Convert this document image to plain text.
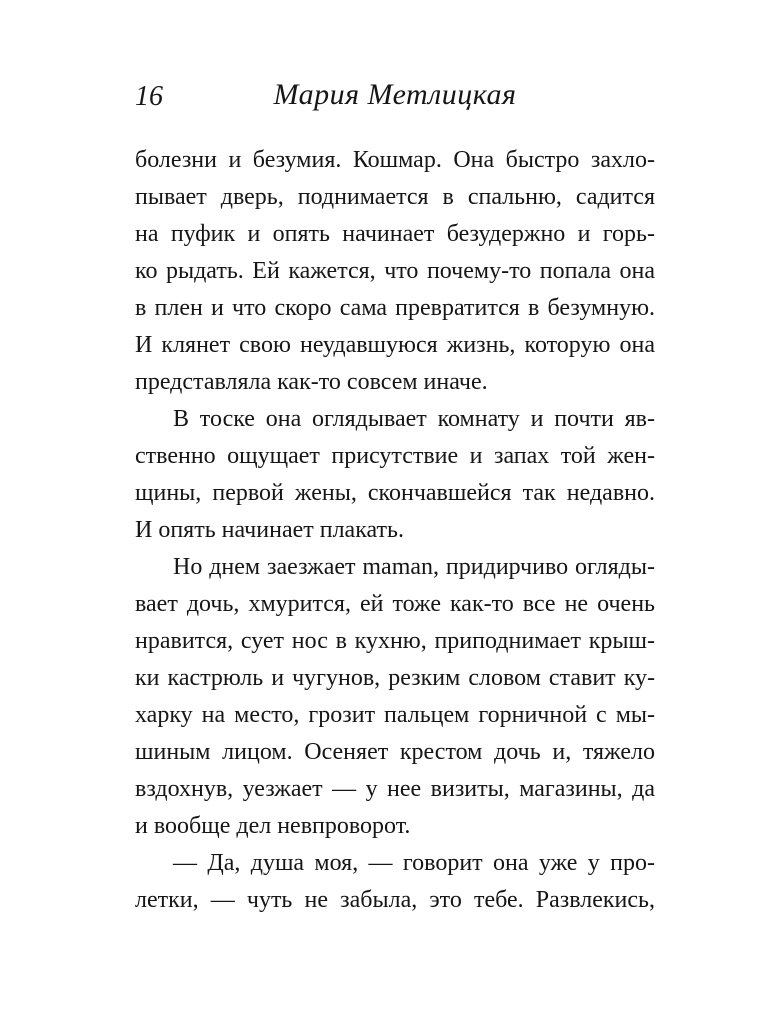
16	Мария Метлицкая
болезни и безумия. Кошмар. Она быстро захло-
пывает дверь, поднимается в спальню, садится
на пуфик и опять начинает безудержно и горь-
ко рыдать. Ей кажется, что почему-то попала она
в плен и что скоро сама превратится в безумную.
И клянет свою неудавшуюся жизнь, которую она
представляла как-то совсем иначе.
В тоске она оглядывает комнату и почти яв-
ственно ощущает присутствие и запах той жен-
щины, первой жены, скончавшейся так недавно.
И опять начинает плакать.
Но днем заезжает maman, придирчиво огляды-
вает дочь, хмурится, ей тоже как-то все не очень
нравится, сует нос в кухню, приподнимает крыш-
ки кастрюль и чугунов, резким словом ставит ку-
харку на место, грозит пальцем горничной с мы-
шиным лицом. Осеняет крестом дочь и, тяжело
вздохнув, уезжает — у нее визиты, магазины, да
и вообще дел невпроворот.
— Да, душа моя, — говорит она уже у про-
летки, — чуть не забыла, это тебе. Развлекись,
